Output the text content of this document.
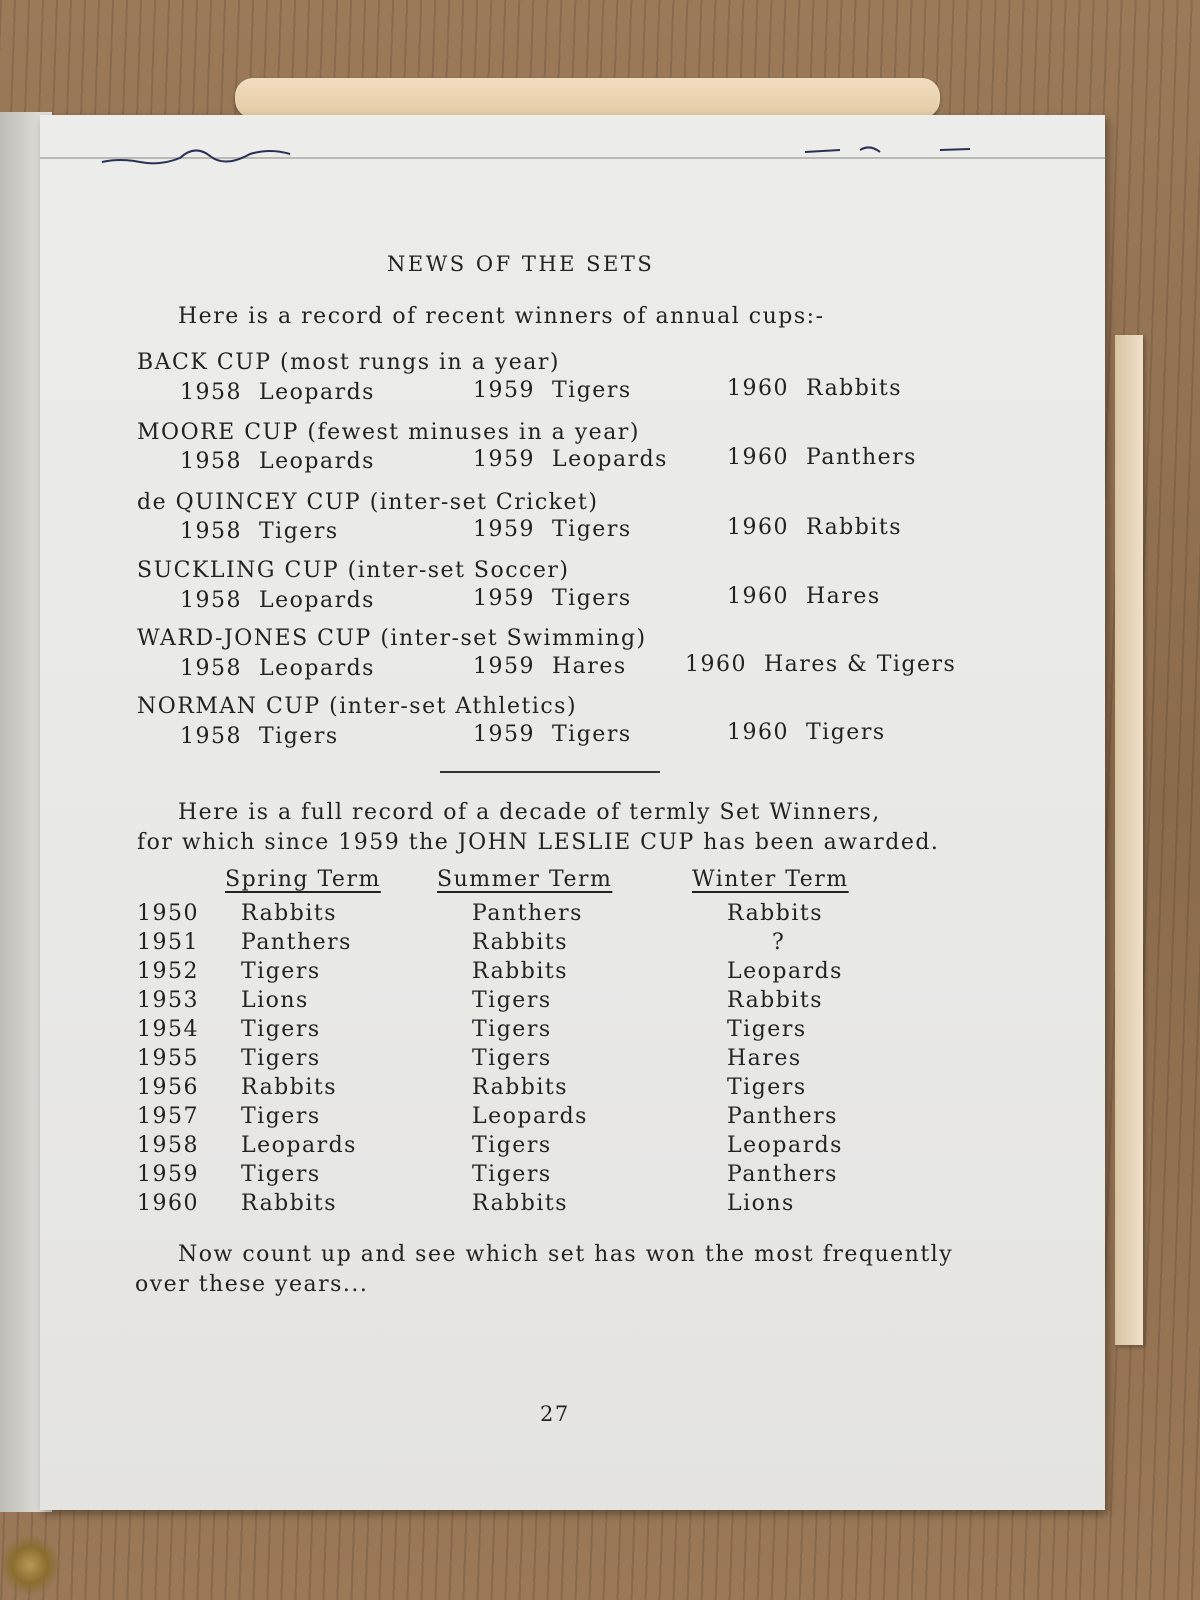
NEWS OF THE SETS
Here is a record of recent winners of annual cups:-
BACK CUP (most rungs in a year)
1958 Leopards	1959 Tigers	1960 Rabbits
MOORE CUP (fewest minuses in a year)
1958 Leopards	1959 Leopards	1960 Panthers
de QUINCEY CUP (inter-set Cricket)
1958 Tigers	1959 Tigers	1960 Rabbits
SUCKLING CUP (inter-set Soccer)
1958 Leopards	1959 Tigers	1960 Hares
WARD-JONES CUP (inter-set Swimming)
1958 Leopards	1959 Hares	1960 Hares & Tigers
NORMAN CUP (inter-set Athletics)
1958 Tigers	1959 Tigers	1960 Tigers
Here is a full record of a decade of termly Set Winners,
for which since 1959 the JOHN LESLIE CUP has been awarded.
Spring Term	Summer Term	Winter Term
1950 Rabbits	Panthers	Rabbits
1951 Panthers	Rabbits	?
1952 Tigers	Rabbits	Leopards
1953 Lions	Tigers	Rabbits
1954 Tigers	Tigers	Tigers
1955 Tigers	Tigers	Hares
1956 Rabbits	Rabbits	Tigers
1957 Tigers	Leopards	Panthers
1958 Leopards	Tigers	Leopards
1959 Tigers	Tigers	Panthers
1960 Rabbits	Rabbits	Lions
Now count up and see which set has won the most frequently
over these years...
27
